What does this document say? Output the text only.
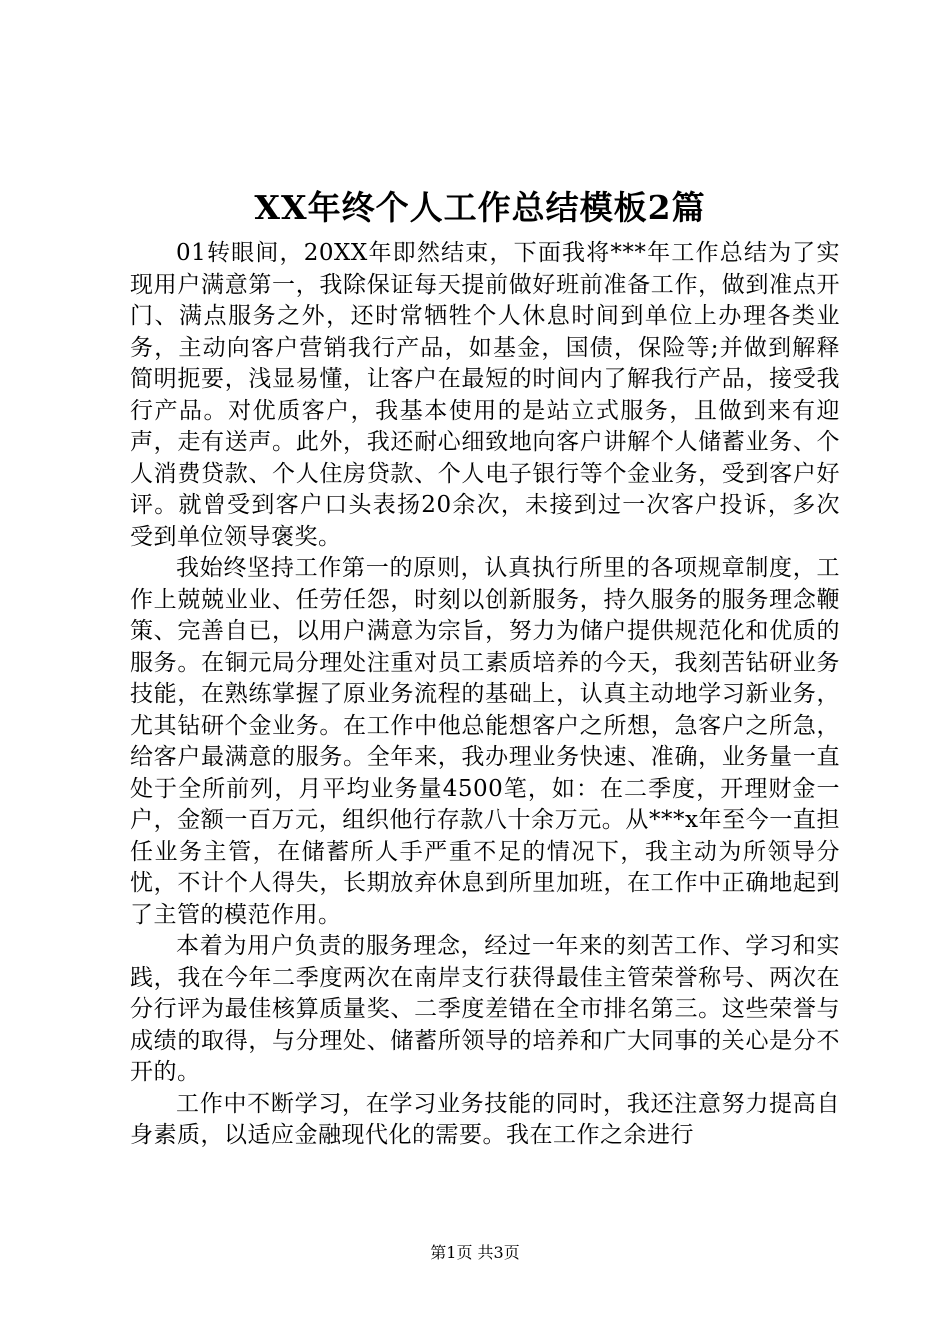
XX年终个人工作总结模板2篇

01转眼间，20XX年即然结束，下面我将***年工作总结为了实现用户满意第一，我除保证每天提前做好班前准备工作，做到准点开门、满点服务之外，还时常牺牲个人休息时间到单位上办理各类业务，主动向客户营销我行产品，如基金，国债，保险等;并做到解释简明扼要，浅显易懂，让客户在最短的时间内了解我行产品，接受我行产品。对优质客户，我基本使用的是站立式服务，且做到来有迎声，走有送声。此外，我还耐心细致地向客户讲解个人储蓄业务、个人消费贷款、个人住房贷款、个人电子银行等个金业务，受到客户好评。就曾受到客户口头表扬20余次，未接到过一次客户投诉，多次受到单位领导褒奖。

我始终坚持工作第一的原则，认真执行所里的各项规章制度，工作上兢兢业业、任劳任怨，时刻以创新服务，持久服务的服务理念鞭策、完善自已，以用户满意为宗旨，努力为储户提供规范化和优质的服务。在铜元局分理处注重对员工素质培养的今天，我刻苦钻研业务技能，在熟练掌握了原业务流程的基础上，认真主动地学习新业务，尤其钻研个金业务。在工作中他总能想客户之所想，急客户之所急，给客户最满意的服务。全年来，我办理业务快速、准确，业务量一直处于全所前列，月平均业务量4500笔，如：在二季度，开理财金一户，金额一百万元，组织他行存款八十余万元。从***x年至今一直担任业务主管，在储蓄所人手严重不足的情况下，我主动为所领导分忧，不计个人得失，长期放弃休息到所里加班，在工作中正确地起到了主管的模范作用。

本着为用户负责的服务理念，经过一年来的刻苦工作、学习和实践，我在今年二季度两次在南岸支行获得最佳主管荣誉称号、两次在分行评为最佳核算质量奖、二季度差错在全市排名第三。这些荣誉与成绩的取得，与分理处、储蓄所领导的培养和广大同事的关心是分不开的。

工作中不断学习，在学习业务技能的同时，我还注意努力提高自身素质，以适应金融现代化的需要。我在工作之余进行

第1页 共3页
